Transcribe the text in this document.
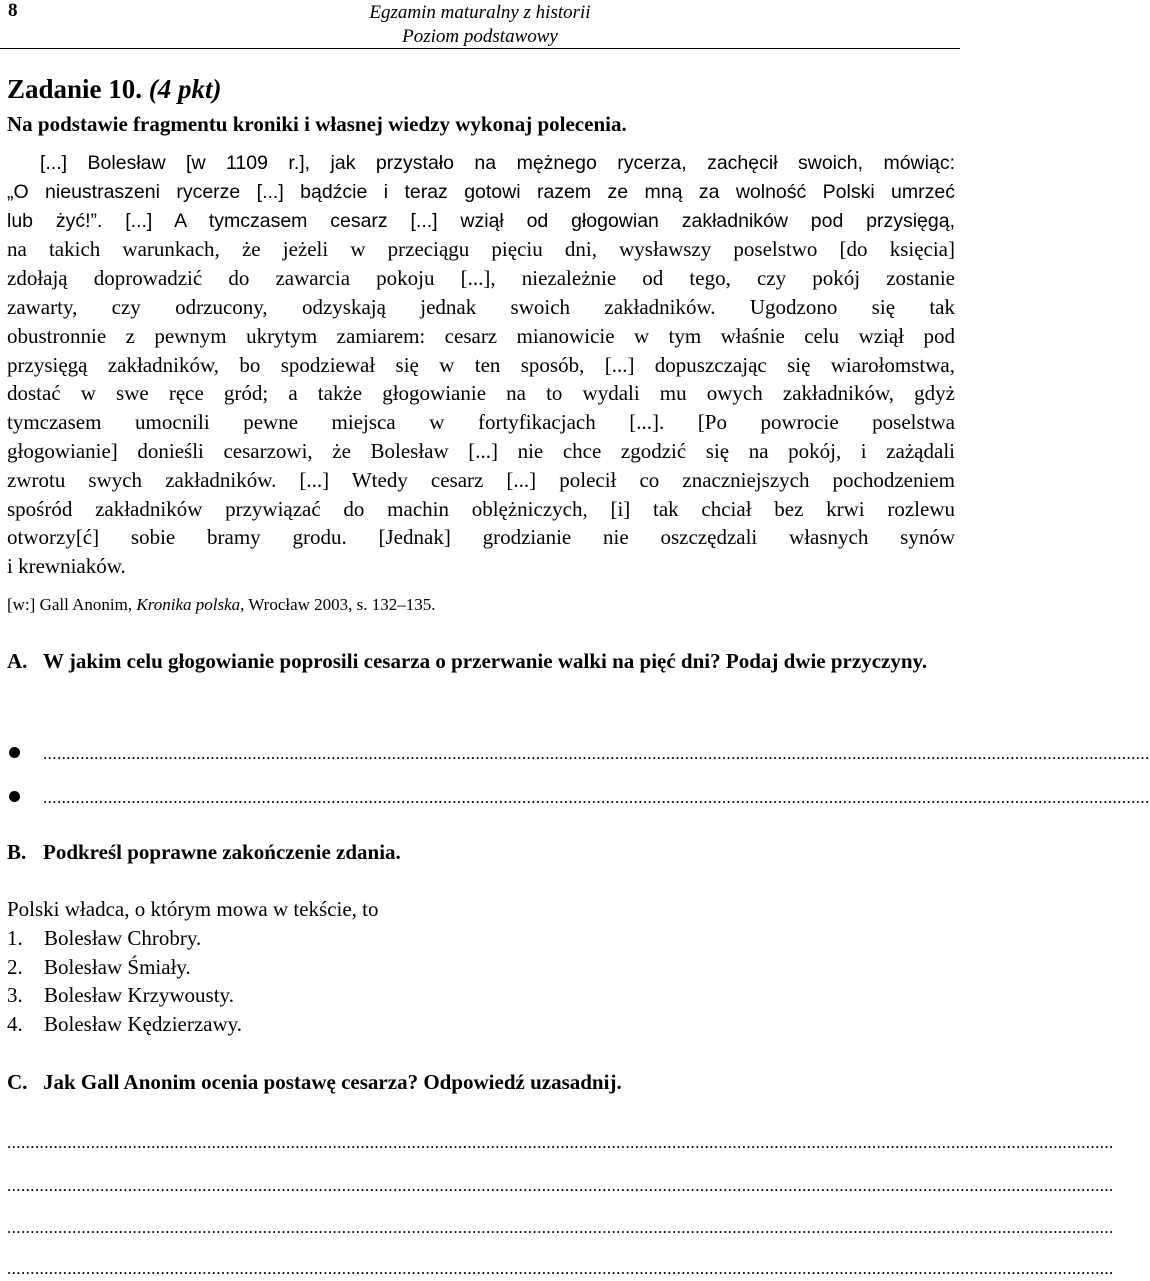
8	Egzamin maturalny z historii
Poziom podstawowy
Zadanie 10. (4 pkt)
Na podstawie fragmentu kroniki i własnej wiedzy wykonaj polecenia.
[...] Bolesław [w 1109 r.], jak przystało na mężnego rycerza, zachęcił swoich, mówiąc:
„O nieustraszeni rycerze [...] bądźcie i teraz gotowi razem ze mną za wolność Polski umrzeć
lub żyć!”. [...] A tymczasem cesarz [...] wziął od głogowian zakładników pod przysięgą,
na takich warunkach, że jeżeli w przeciągu pięciu dni, wysławszy poselstwo [do księcia]
zdołają doprowadzić do zawarcia pokoju [...], niezależnie od tego, czy pokój zostanie
zawarty, czy odrzucony, odzyskają jednak swoich zakładników. Ugodzono się tak
obustronnie z pewnym ukrytym zamiarem: cesarz mianowicie w tym właśnie celu wziął pod
przysięgą zakładników, bo spodziewał się w ten sposób, [...] dopuszczając się wiarołomstwa,
dostać w swe ręce gród; a także głogowianie na to wydali mu owych zakładników, gdyż
tymczasem umocnili pewne miejsca w fortyfikacjach [...]. [Po powrocie poselstwa
głogowianie] donieśli cesarzowi, że Bolesław [...] nie chce zgodzić się na pokój, i zażądali
zwrotu swych zakładników. [...] Wtedy cesarz [...] polecił co znaczniejszych pochodzeniem
spośród zakładników przywiązać do machin oblężniczych, [i] tak chciał bez krwi rozlewu
otworzy[ć] sobie bramy grodu. [Jednak] grodzianie nie oszczędzali własnych synów
i krewniaków.
[w:] Gall Anonim, Kronika polska, Wrocław 2003, s. 132–135.
A. W jakim celu głogowianie poprosili cesarza o przerwanie walki na pięć dni? Podaj dwie przyczyny.
..............................................................................................................................................................................................................................................
..............................................................................................................................................................................................................................................
B. Podkreśl poprawne zakończenie zdania.
Polski władca, o którym mowa w tekście, to
1. Bolesław Chrobry.
2. Bolesław Śmiały.
3. Bolesław Krzywousty.
4. Bolesław Kędzierzawy.
C. Jak Gall Anonim ocenia postawę cesarza? Odpowiedź uzasadnij.
..............................................................................................................................................................................................................................................
..............................................................................................................................................................................................................................................
..............................................................................................................................................................................................................................................
..............................................................................................................................................................................................................................................
